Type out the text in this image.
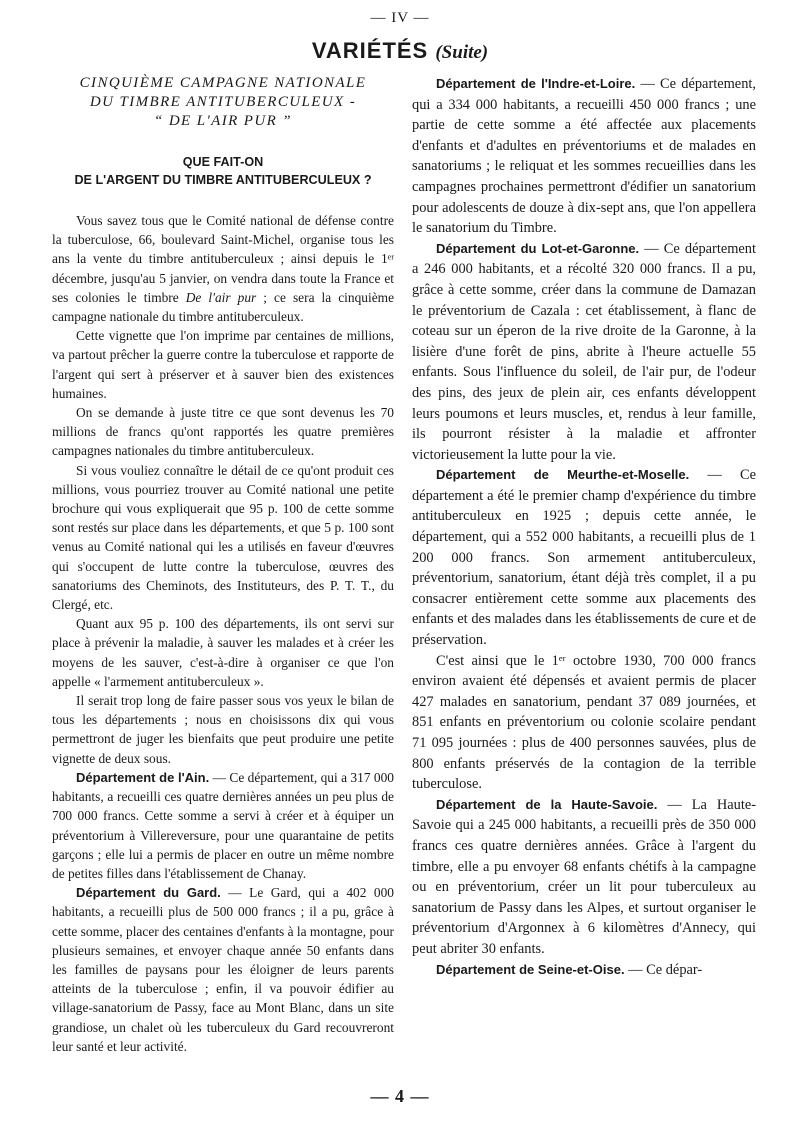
— IV —
VARIÉTÉS (Suite)
CINQUIÈME CAMPAGNE NATIONALE
DU TIMBRE ANTITUBERCULEUX -
“ DE L'AIR PUR ”
QUE FAIT-ON
DE L'ARGENT DU TIMBRE ANTITUBERCULEUX ?

Vous savez tous que le Comité national de défense contre la tuberculose, 66, boulevard Saint-Michel, organise tous les ans la vente du timbre antituberculeux ; ainsi depuis le 1ᵉʳ décembre, jusqu'au 5 janvier, on vendra dans toute la France et ses colonies le timbre De l'air pur ; ce sera la cinquième campagne nationale du timbre antituberculeux.

Cette vignette que l'on imprime par centaines de millions, va partout prêcher la guerre contre la tuberculose et rapporte de l'argent qui sert à préserver et à sauver bien des existences humaines.

On se demande à juste titre ce que sont devenus les 70 millions de francs qu'ont rapportés les quatre premières campagnes nationales du timbre antituberculeux.

Si vous vouliez connaître le détail de ce qu'ont produit ces millions, vous pourriez trouver au Comité national une petite brochure qui vous expliquerait que 95 p. 100 de cette somme sont restés sur place dans les départements, et que 5 p. 100 sont venus au Comité national qui les a utilisés en faveur d'œuvres qui s'occupent de lutte contre la tuberculose, œuvres des sanatoriums des Cheminots, des Instituteurs, des P. T. T., du Clergé, etc.

Quant aux 95 p. 100 des départements, ils ont servi sur place à prévenir la maladie, à sauver les malades et à créer les moyens de les sauver, c'est-à-dire à organiser ce que l'on appelle « l'armement antituberculeux ».

Il serait trop long de faire passer sous vos yeux le bilan de tous les départements ; nous en choisissons dix qui vous permettront de juger les bienfaits que peut produire une petite vignette de deux sous.

Département de l'Ain. — Ce département, qui a 317 000 habitants, a recueilli ces quatre dernières années un peu plus de 700 000 francs. Cette somme a servi à créer et à équiper un préventorium à Villereversure, pour une quarantaine de petits garçons ; elle lui a permis de placer en outre un même nombre de petites filles dans l'établissement de Chanay.

Département du Gard. — Le Gard, qui a 402 000 habitants, a recueilli plus de 500 000 francs ; il a pu, grâce à cette somme, placer des centaines d'enfants à la montagne, pour plusieurs semaines, et envoyer chaque année 50 enfants dans les familles de paysans pour les éloigner de leurs parents atteints de la tuberculose ; enfin, il va pouvoir édifier au village-sanatorium de Passy, face au Mont Blanc, dans un site grandiose, un chalet où les tuberculeux du Gard recouvreront leur santé et leur activité.

Département de l'Indre-et-Loire. — Ce département, qui a 334 000 habitants, a recueilli 450 000 francs ; une partie de cette somme a été affectée aux placements d'enfants et d'adultes en préventoriums et de malades en sanatoriums ; le reliquat et les sommes recueillies dans les campagnes prochaines permettront d'édifier un sanatorium pour adolescents de douze à dix-sept ans, que l'on appellera le sanatorium du Timbre.

Département du Lot-et-Garonne. — Ce département a 246 000 habitants, et a récolté 320 000 francs. Il a pu, grâce à cette somme, créer dans la commune de Damazan le préventorium de Cazala : cet établissement, à flanc de coteau sur un éperon de la rive droite de la Garonne, à la lisière d'une forêt de pins, abrite à l'heure actuelle 55 enfants. Sous l'influence du soleil, de l'air pur, de l'odeur des pins, des jeux de plein air, ces enfants développent leurs poumons et leurs muscles, et, rendus à leur famille, ils pourront résister à la maladie et affronter victorieusement la lutte pour la vie.

Département de Meurthe-et-Moselle. — Ce département a été le premier champ d'expérience du timbre antituberculeux en 1925 ; depuis cette année, le département, qui a 552 000 habitants, a recueilli plus de 1 200 000 francs. Son armement antituberculeux, préventorium, sanatorium, étant déjà très complet, il a pu consacrer entièrement cette somme aux placements des enfants et des malades dans les établissements de cure et de préservation.

C'est ainsi que le 1ᵉʳ octobre 1930, 700 000 francs environ avaient été dépensés et avaient permis de placer 427 malades en sanatorium, pendant 37 089 journées, et 851 enfants en préventorium ou colonie scolaire pendant 71 095 journées : plus de 400 personnes sauvées, plus de 800 enfants préservés de la contagion de la terrible tuberculose.

Département de la Haute-Savoie. — La Haute-Savoie qui a 245 000 habitants, a recueilli près de 350 000 francs ces quatre dernières années. Grâce à l'argent du timbre, elle a pu envoyer 68 enfants chétifs à la campagne ou en préventorium, créer un lit pour tuberculeux au sanatorium de Passy dans les Alpes, et surtout organiser le préventorium d'Argonnex à 6 kilomètres d'Annecy, qui peut abriter 30 enfants.

Département de Seine-et-Oise. — Ce dépar-

— 4 —
